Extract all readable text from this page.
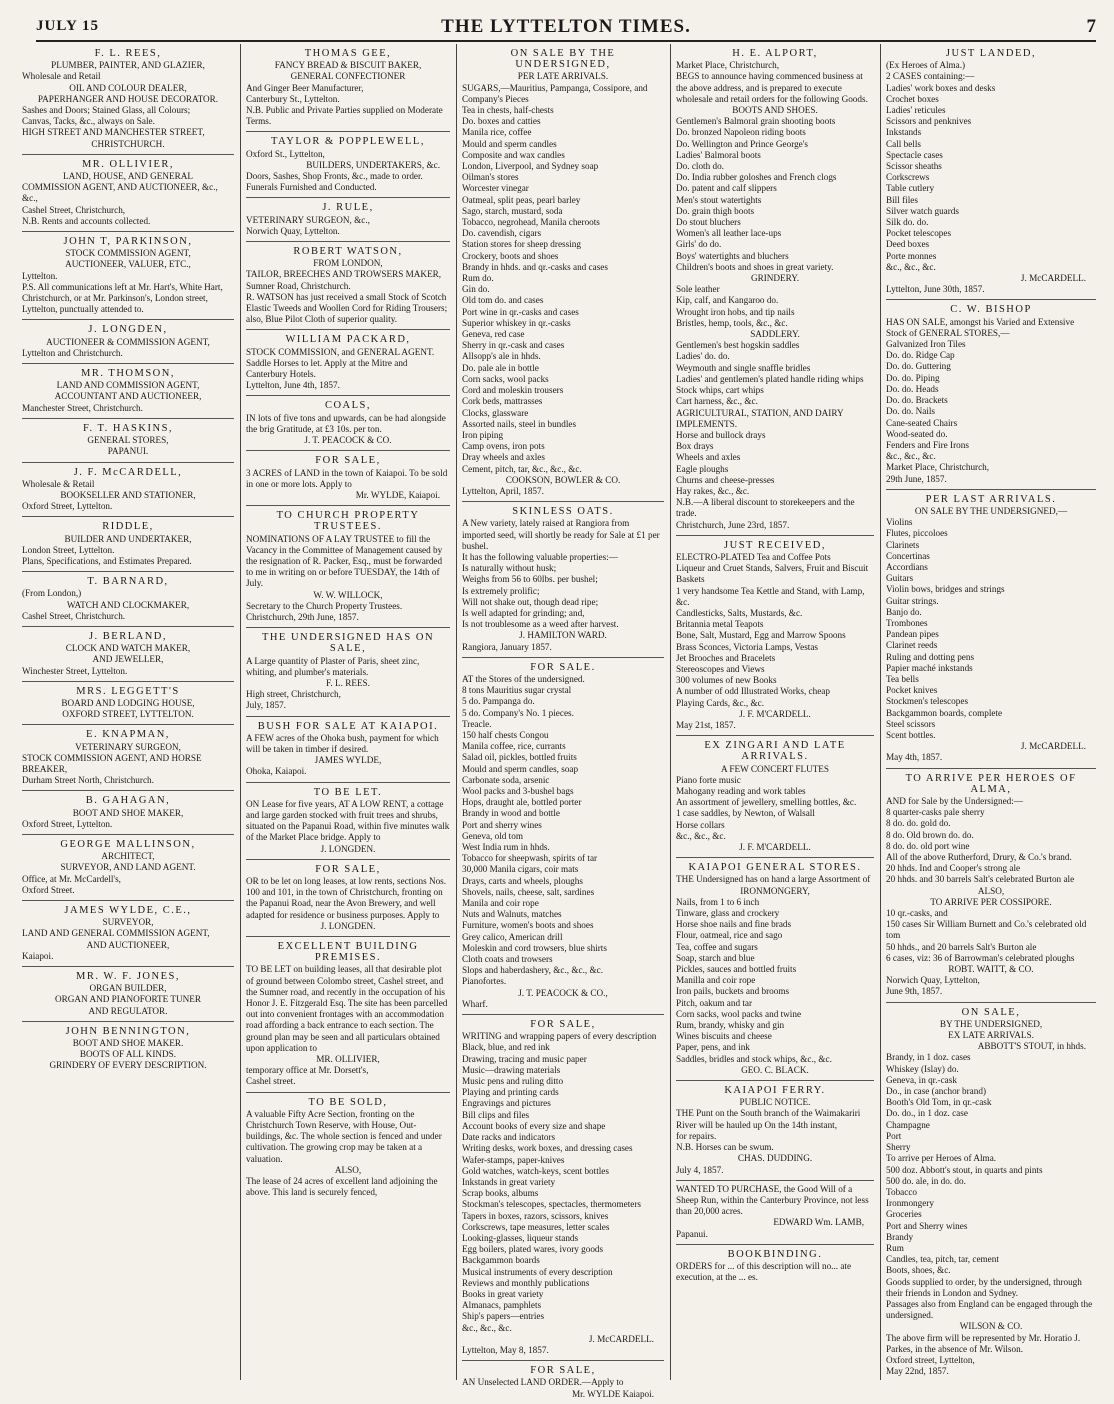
JULY 15	THE LYTTELTON TIMES.	7
F. L. REES,
PLUMBER, PAINTER, AND GLAZIER,
Wholesale and Retail
OIL AND COLOUR DEALER,
PAPERHANGER AND HOUSE DECORATOR.
Sashes and Doors; Stained Glass, all Colours;
Canvas, Tacks, &c., always on Sale.
HIGH STREET AND MANCHESTER STREET,
CHRISTCHURCH.
MR. OLLIVIER,
LAND, HOUSE, AND GENERAL
COMMISSION AGENT, AND AUCTIONEER, &c., &c.,
Cashel Street, Christchurch,
N.B. Rents and accounts collected.
JOHN T, PARKINSON,
STOCK COMMISSION AGENT,
AUCTIONEER, VALUER, ETC.,
Lyttelton.
P.S. All communications left at Mr. Hart's, White Hart, Christchurch, or at Mr. Parkinson's, London street, Lyttelton, punctually attended to.
J. LONGDEN,
AUCTIONEER & COMMISSION AGENT,
Lyttelton and Christchurch.
MR. THOMSON,
LAND AND COMMISSION AGENT,
ACCOUNTANT AND AUCTIONEER,
Manchester Street, Christchurch.
F. T. HASKINS,
GENERAL STORES,
PAPANUI.
J. F. McCARDELL,
Wholesale & Retail
BOOKSELLER AND STATIONER,
Oxford Street, Lyttelton.
RIDDLE,
BUILDER AND UNDERTAKER,
London Street, Lyttelton.
Plans, Specifications, and Estimates Prepared.
T. BARNARD,
(From London,)
WATCH AND CLOCKMAKER,
Cashel Street, Christchurch.
J. BERLAND,
CLOCK AND WATCH MAKER,
AND JEWELLER,
Winchester Street, Lyttelton.
MRS. LEGGETT'S
BOARD AND LODGING HOUSE,
OXFORD STREET, LYTTELTON.
E. KNAPMAN,
VETERINARY SURGEON,
STOCK COMMISSION AGENT, AND HORSE BREAKER,
Durham Street North, Christchurch.
B. GAHAGAN,
BOOT AND SHOE MAKER,
Oxford Street, Lyttelton.
GEORGE MALLINSON,
ARCHITECT,
SURVEYOR, AND LAND AGENT.
Office, at Mr. McCardell's,
Oxford Street.
JAMES WYLDE, C.E.,
SURVEYOR,
LAND AND GENERAL COMMISSION AGENT,
AND AUCTIONEER,
Kaiapoi.
MR. W. F. JONES,
ORGAN BUILDER,
ORGAN AND PIANOFORTE TUNER
AND REGULATOR.
JOHN BENNINGTON,
BOOT AND SHOE MAKER.
BOOTS OF ALL KINDS.
GRINDERY OF EVERY DESCRIPTION.
THOMAS GEE,
FANCY BREAD & BISCUIT BAKER,
GENERAL CONFECTIONER
And Ginger Beer Manufacturer,
Canterbury St., Lyttelton.
N.B. Public and Private Parties supplied on Moderate Terms.
TAYLOR & POPPLEWELL,
Oxford St., Lyttelton,
BUILDERS, UNDERTAKERS, &c.
Doors, Sashes, Shop Fronts, &c., made to order.
Funerals Furnished and Conducted.
J. RULE,
VETERINARY SURGEON, &c.,
Norwich Quay, Lyttelton.
ROBERT WATSON,
FROM LONDON,
TAILOR, BREECHES AND TROWSERS MAKER,
Sumner Road, Christchurch.
R. WATSON has just received a small Stock of Scotch Elastic Tweeds and Woollen Cord for Riding Trousers; also, Blue Pilot Cloth of superior quality.
WILLIAM PACKARD,
STOCK COMMISSION, and GENERAL AGENT.
Saddle Horses to let. Apply at the Mitre and Canterbury Hotels.
Lyttelton, June 4th, 1857.
COALS,
IN lots of five tons and upwards, can be had alongside the brig Gratitude, at £3 10s. per ton.
J. T. PEACOCK & CO.
FOR SALE,
3 ACRES of LAND in the town of Kaiapoi. To be sold in one or more lots. Apply to
Mr. WYLDE, Kaiapoi.
TO CHURCH PROPERTY TRUSTEES.
NOMINATIONS OF A LAY TRUSTEE to fill the Vacancy in the Committee of Management caused by the resignation of R. Packer, Esq., must be forwarded to me in writing on or before TUESDAY, the 14th of July.
W. W. WILLOCK,
Secretary to the Church Property Trustees.
Christchurch, 29th June, 1857.
THE UNDERSIGNED HAS ON SALE,
A Large quantity of Plaster of Paris, sheet zinc, whiting, and plumber's materials.
F. L. REES.
High street, Christchurch,
July, 1857.
BUSH FOR SALE AT KAIAPOI.
A FEW acres of the Ohoka bush, payment for which will be taken in timber if desired.
JAMES WYLDE,
Ohoka, Kaiapoi.
TO BE LET.
ON Lease for five years, AT A LOW RENT, a cottage and large garden stocked with fruit trees and shrubs, situated on the Papanui Road, within five minutes walk of the Market Place bridge. Apply to
J. LONGDEN.
FOR SALE,
OR to be let on long leases, at low rents, sections Nos. 100 and 101, in the town of Christchurch, fronting on the Papanui Road, near the Avon Brewery, and well adapted for residence or business purposes. Apply to
J. LONGDEN.
EXCELLENT BUILDING PREMISES.
TO BE LET on building leases, all that desirable plot of ground between Colombo street, Cashel street, and the Sumner road, and recently in the occupation of his Honor J. E. Fitzgerald Esq. The site has been parcelled out into convenient frontages with an accommodation road affording a back entrance to each section. The ground plan may be seen and all particulars obtained upon application to
MR. OLLIVIER,
temporary office at Mr. Dorsett's,
Cashel street.
TO BE SOLD,
A valuable Fifty Acre Section, fronting on the Christchurch Town Reserve, with House, Out-buildings, &c. The whole section is fenced and under cultivation. The growing crop may be taken at a valuation.
ALSO,
The lease of 24 acres of excellent land adjoining the above. This land is securely fenced,
ON SALE BY THE UNDERSIGNED,
PER LATE ARRIVALS.
SUGARS,—Mauritius, Pampanga, Cossipore, and Company's Pieces
Tea in chests, half-chests
Do. boxes and catties
Manila rice, coffee
Mould and sperm candles
Composite and wax candles
London, Liverpool, and Sydney soap
Oilman's stores
Worcester vinegar
Oatmeal, split peas, pearl barley
Sago, starch, mustard, soda
Tobacco, negrohead, Manila cheroots
Do. cavendish, cigars
Station stores for sheep dressing
Crockery, boots and shoes
Brandy in hhds. and qr.-casks and cases
Rum do.
Gin do.
Old tom do. and cases
Port wine in qr.-casks and cases
Superior whiskey in qr.-casks
Geneva, red case
Sherry in qr.-cask and cases
Allsopp's ale in hhds.
Do. pale ale in bottle
Corn sacks, wool packs
Cord and moleskin trousers
Cork beds, mattrasses
Clocks, glassware
Assorted nails, steel in bundles
Iron piping
Camp ovens, iron pots
Dray wheels and axles
Cement, pitch, tar, &c., &c., &c.
COOKSON, BOWLER & CO.
Lyttelton, April, 1857.
SKINLESS OATS.
A New variety, lately raised at Rangiora from imported seed, will shortly be ready for Sale at £1 per bushel.
It has the following valuable properties:—
Is naturally without husk;
Weighs from 56 to 60lbs. per bushel;
Is extremely prolific;
Will not shake out, though dead ripe;
Is well adapted for grinding; and,
Is not troublesome as a weed after harvest.
J. HAMILTON WARD.
Rangiora, January 1857.
FOR SALE.
AT the Stores of the undersigned.
8 tons Mauritius sugar crystal
5 do. Pampanga do.
5 do. Company's No. 1 pieces.
Treacle.
150 half chests Congou
Manila coffee, rice, currants
Salad oil, pickles, bottled fruits
Mould and sperm candles, soap
Carbonate soda, arsenic
Wool packs and 3-bushel bags
Hops, draught ale, bottled porter
Brandy in wood and bottle
Port and sherry wines
Geneva, old tom
West India rum in hhds.
Tobacco for sheepwash, spirits of tar
30,000 Manila cigars, coir mats
Drays, carts and wheels, ploughs
Shovels, nails, cheese, salt, sardines
Manila and coir rope
Nuts and Walnuts, matches
Furniture, women's boots and shoes
Grey calico, American drill
Moleskin and cord trowsers, blue shirts
Cloth coats and trowsers
Slops and haberdashery, &c., &c., &c.
Pianofortes.
J. T. PEACOCK & CO.,
Wharf.
FOR SALE,
WRITING and wrapping papers of every description
Black, blue, and red ink
Drawing, tracing and music paper
Music—drawing materials
Music pens and ruling ditto
Playing and printing cards
Engravings and pictures
Bill clips and files
Account books of every size and shape
Date racks and indicators
Writing desks, work boxes, and dressing cases
Wafer-stamps, paper-knives
Gold watches, watch-keys, scent bottles
Inkstands in great variety
Scrap books, albums
Stockman's telescopes, spectacles, thermometers
Tapers in boxes, razors, scissors, knives
Corkscrews, tape measures, letter scales
Looking-glasses, liqueur stands
Egg boilers, plated wares, ivory goods
Backgammon boards
Musical instruments of every description
Reviews and monthly publications
Books in great variety
Almanacs, pamphlets
Ship's papers—entries
&c., &c., &c.
J. McCARDELL.
Lyttelton, May 8, 1857.
FOR SALE,
AN Unselected LAND ORDER.—Apply to
Mr. WYLDE Kaiapoi.
H. E. ALPORT,
Market Place, Christchurch,
BEGS to announce having commenced business at the above address, and is prepared to execute wholesale and retail orders for the following Goods.
BOOTS AND SHOES.
Gentlemen's Balmoral grain shooting boots
Do. bronzed Napoleon riding boots
Do. Wellington and Prince George's
Ladies' Balmoral boots
Do. cloth do.
Do. India rubber goloshes and French clogs
Do. patent and calf slippers
Men's stout watertights
Do. grain thigh boots
Do stout bluchers
Women's all leather lace-ups
Girls' do do.
Boys' watertights and bluchers
Children's boots and shoes in great variety.
GRINDERY.
Sole leather
Kip, calf, and Kangaroo do.
Wrought iron hobs, and tip nails
Bristles, hemp, tools, &c., &c.
SADDLERY.
Gentlemen's best hogskin saddles
Ladies' do. do.
Weymouth and single snaffle bridles
Ladies' and gentlemen's plated handle riding whips
Stock whips, cart whips
Cart harness, &c., &c.
AGRICULTURAL, STATION, AND DAIRY IMPLEMENTS.
Horse and bullock drays
Box drays
Wheels and axles
Eagle ploughs
Churns and cheese-presses
Hay rakes, &c., &c.
N.B.—A liberal discount to storekeepers and the trade.
Christchurch, June 23rd, 1857.
JUST RECEIVED,
ELECTRO-PLATED Tea and Coffee Pots
Liqueur and Cruet Stands, Salvers, Fruit and Biscuit Baskets
1 very handsome Tea Kettle and Stand, with Lamp, &c.
Candlesticks, Salts, Mustards, &c.
Britannia metal Teapots
Bone, Salt, Mustard, Egg and Marrow Spoons
Brass Sconces, Victoria Lamps, Vestas
Jet Brooches and Bracelets
Stereoscopes and Views
300 volumes of new Books
A number of odd Illustrated Works, cheap
Playing Cards, &c., &c.
J. F. M'CARDELL.
May 21st, 1857.
EX ZINGARI AND LATE ARRIVALS.
A FEW CONCERT FLUTES
Piano forte music
Mahogany reading and work tables
An assortment of jewellery, smelling bottles, &c.
1 case saddles, by Newton, of Walsall
Horse collars
&c., &c., &c.
J. F. M'CARDELL.
KAIAPOI GENERAL STORES.
THE Undersigned has on hand a large Assortment of
IRONMONGERY,
Nails, from 1 to 6 inch
Tinware, glass and crockery
Horse shoe nails and fine brads
Flour, oatmeal, rice and sago
Tea, coffee and sugars
Soap, starch and blue
Pickles, sauces and bottled fruits
Manilla and coir rope
Iron pails, buckets and brooms
Pitch, oakum and tar
Corn sacks, wool packs and twine
Rum, brandy, whisky and gin
Wines biscuits and cheese
Paper, pens, and ink
Saddles, bridles and stock whips, &c., &c.
GEO. C. BLACK.
KAIAPOI FERRY.
PUBLIC NOTICE.
THE Punt on the South branch of the Waimakariri River will be hauled up On the 14th instant,
for repairs.
N.B. Horses can be swum.
CHAS. DUDDING.
July 4, 1857.
WANTED TO PURCHASE, the Good Will of a Sheep Run, within the Canterbury Province, not less than 20,000 acres.
EDWARD Wm. LAMB,
Papanui.
BOOKBINDING.
ORDERS for ... of this description will no... ate execution, at the ... es.
JUST LANDED,
(Ex Heroes of Alma.)
2 CASES containing:—
Ladies' work boxes and desks
Crochet boxes
Ladies' reticules
Scissors and penknives
Inkstands
Call bells
Spectacle cases
Scissor sheaths
Corkscrews
Table cutlery
Bill files
Silver watch guards
Silk do. do.
Pocket telescopes
Deed boxes
Porte monnes
&c., &c., &c.
J. McCARDELL.
Lyttelton, June 30th, 1857.
C. W. BISHOP
HAS ON SALE, amongst his Varied and Extensive Stock of GENERAL STORES,—
Galvanized Iron Tiles
Do. do. Ridge Cap
Do. do. Guttering
Do. do. Piping
Do. do. Heads
Do. do. Brackets
Do. do. Nails
Cane-seated Chairs
Wood-seated do.
Fenders and Fire Irons
&c., &c., &c.
Market Place, Christchurch,
29th June, 1857.
PER LAST ARRIVALS.
ON SALE BY THE UNDERSIGNED,—
Violins
Flutes, piccoloes
Clarinets
Concertinas
Accordians
Guitars
Violin bows, bridges and strings
Guitar strings.
Banjo do.
Trombones
Pandean pipes
Clarinet reeds
Ruling and dotting pens
Papier maché inkstands
Tea bells
Pocket knives
Stockmen's telescopes
Backgammon boards, complete
Steel scissors
Scent bottles.
J. McCARDELL.
May 4th, 1857.
TO ARRIVE PER HEROES OF ALMA,
AND for Sale by the Undersigned:—
8 quarter-casks pale sherry
8 do. do. gold do.
8 do. Old brown do. do.
8 do. do. old port wine
All of the above Rutherford, Drury, & Co.'s brand.
20 hhds. Ind and Cooper's strong ale
20 hhds. and 30 barrels Salt's celebrated Burton ale
ALSO,
TO ARRIVE PER COSSIPORE.
10 qr.-casks, and
150 cases Sir William Burnett and Co.'s celebrated old tom
50 hhds., and 20 barrels Salt's Burton ale
6 cases, viz: 36 of Barrowman's celebrated ploughs
ROBT. WAITT, & CO.
Norwich Quay, Lyttelton,
June 9th, 1857.
ON SALE,
BY THE UNDERSIGNED,
EX LATE ARRIVALS.
ABBOTT'S STOUT, in hhds.
Brandy, in 1 doz. cases
Whiskey (Islay) do.
Geneva, in qr.-cask
Do., in case (anchor brand)
Booth's Old Tom, in qr.-cask
Do. do., in 1 doz. case
Champagne
Port
Sherry
To arrive per Heroes of Alma.
500 doz. Abbott's stout, in quarts and pints
500 do. ale, in do. do.
Tobacco
Ironmongery
Groceries
Port and Sherry wines
Brandy
Rum
Candles, tea, pitch, tar, cement
Boots, shoes, &c.
Goods supplied to order, by the undersigned, through their friends in London and Sydney.
Passages also from England can be engaged through the undersigned.
WILSON & CO.
The above firm will be represented by Mr. Horatio J. Parkes, in the absence of Mr. Wilson.
Oxford street, Lyttelton,
May 22nd, 1857.
